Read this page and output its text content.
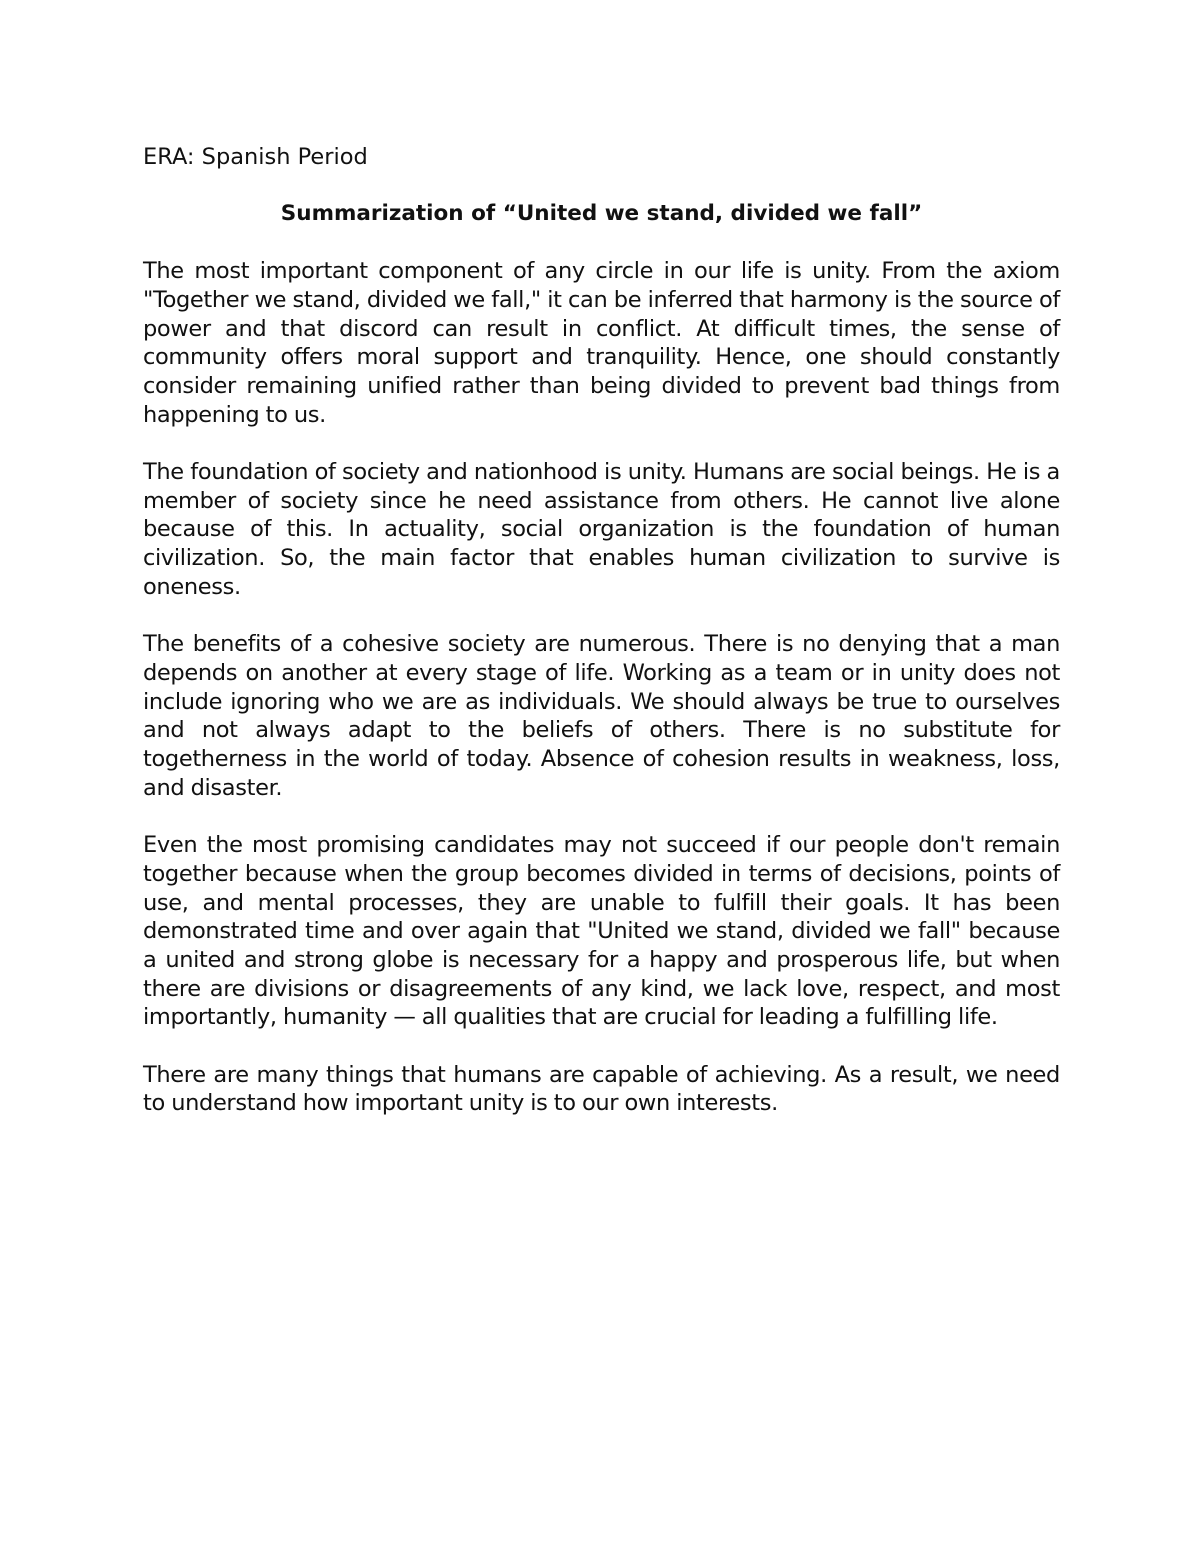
ERA: Spanish Period

Summarization of “United we stand, divided we fall”

The most important component of any circle in our life is unity. From the axiom "Together we stand, divided we fall," it can be inferred that harmony is the source of power and that discord can result in conflict. At difficult times, the sense of community offers moral support and tranquility. Hence, one should constantly consider remaining unified rather than being divided to prevent bad things from happening to us.

The foundation of society and nationhood is unity. Humans are social beings. He is a member of society since he need assistance from others. He cannot live alone because of this. In actuality, social organization is the foundation of human civilization. So, the main factor that enables human civilization to survive is oneness.

The benefits of a cohesive society are numerous. There is no denying that a man depends on another at every stage of life. Working as a team or in unity does not include ignoring who we are as individuals. We should always be true to ourselves and not always adapt to the beliefs of others. There is no substitute for togetherness in the world of today. Absence of cohesion results in weakness, loss, and disaster.

Even the most promising candidates may not succeed if our people don't remain together because when the group becomes divided in terms of decisions, points of use, and mental processes, they are unable to fulfill their goals. It has been demonstrated time and over again that "United we stand, divided we fall" because a united and strong globe is necessary for a happy and prosperous life, but when there are divisions or disagreements of any kind, we lack love, respect, and most importantly, humanity — all qualities that are crucial for leading a fulfilling life.

There are many things that humans are capable of achieving. As a result, we need to understand how important unity is to our own interests.
